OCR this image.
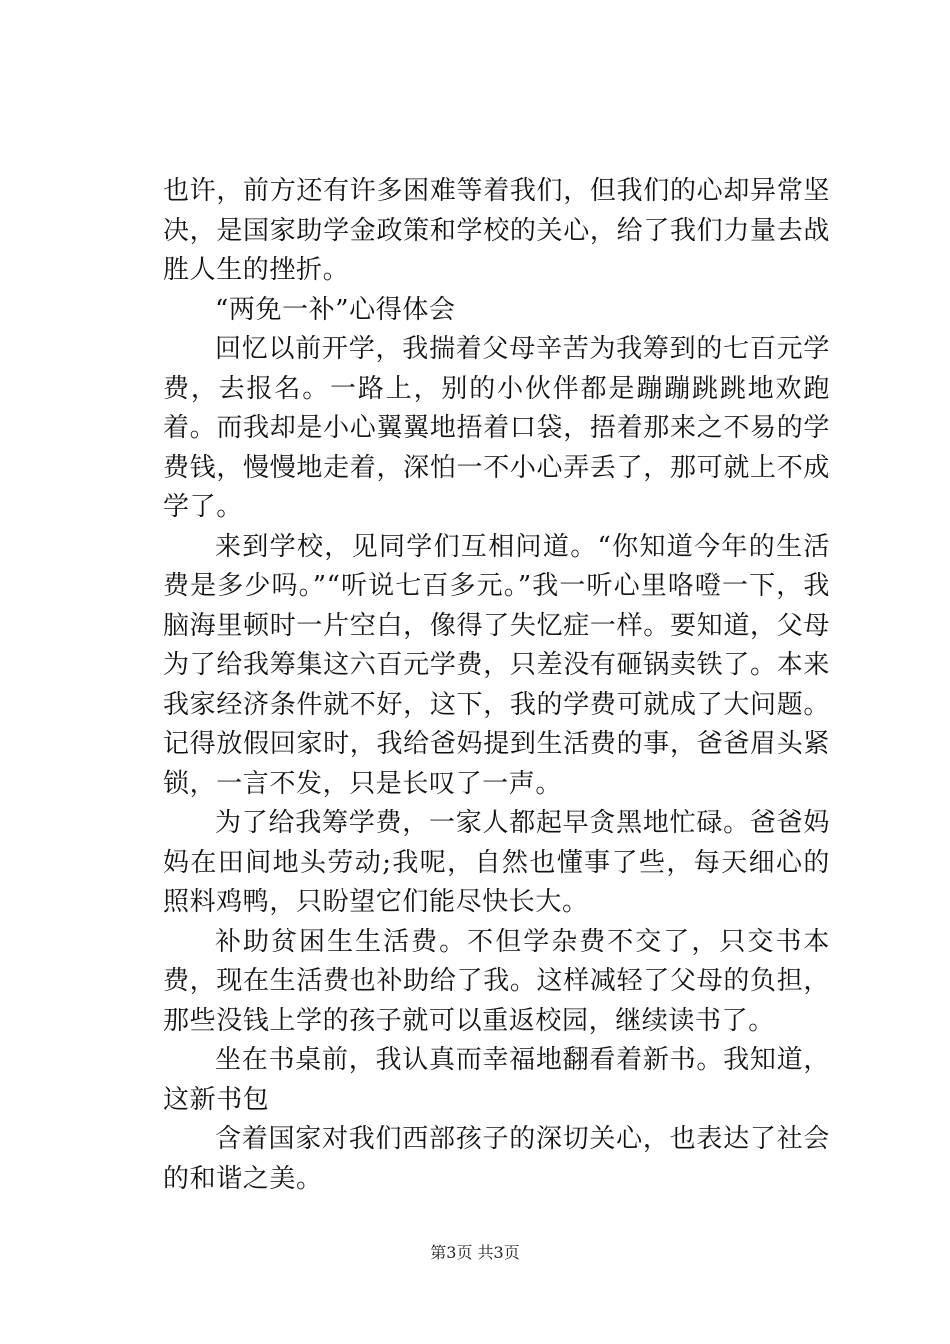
也许，前方还有许多困难等着我们，但我们的心却异常坚决，是国家助学金政策和学校的关心，给了我们力量去战胜人生的挫折。

“两免一补”心得体会

回忆以前开学，我揣着父母辛苦为我筹到的七百元学费，去报名。一路上，别的小伙伴都是蹦蹦跳跳地欢跑着。而我却是小心翼翼地捂着口袋，捂着那来之不易的学费钱，慢慢地走着，深怕一不小心弄丢了，那可就上不成学了。

来到学校，见同学们互相问道。“你知道今年的生活费是多少吗。”“听说七百多元。”我一听心里咯噔一下，我脑海里顿时一片空白，像得了失忆症一样。要知道，父母为了给我筹集这六百元学费，只差没有砸锅卖铁了。本来我家经济条件就不好，这下，我的学费可就成了大问题。记得放假回家时，我给爸妈提到生活费的事，爸爸眉头紧锁，一言不发，只是长叹了一声。

为了给我筹学费，一家人都起早贪黑地忙碌。爸爸妈妈在田间地头劳动;我呢，自然也懂事了些，每天细心的照料鸡鸭，只盼望它们能尽快长大。

补助贫困生生活费。不但学杂费不交了，只交书本费，现在生活费也补助给了我。这样减轻了父母的负担，那些没钱上学的孩子就可以重返校园，继续读书了。

坐在书桌前，我认真而幸福地翻看着新书。我知道，这新书包

含着国家对我们西部孩子的深切关心，也表达了社会的和谐之美。

第3页 共3页
